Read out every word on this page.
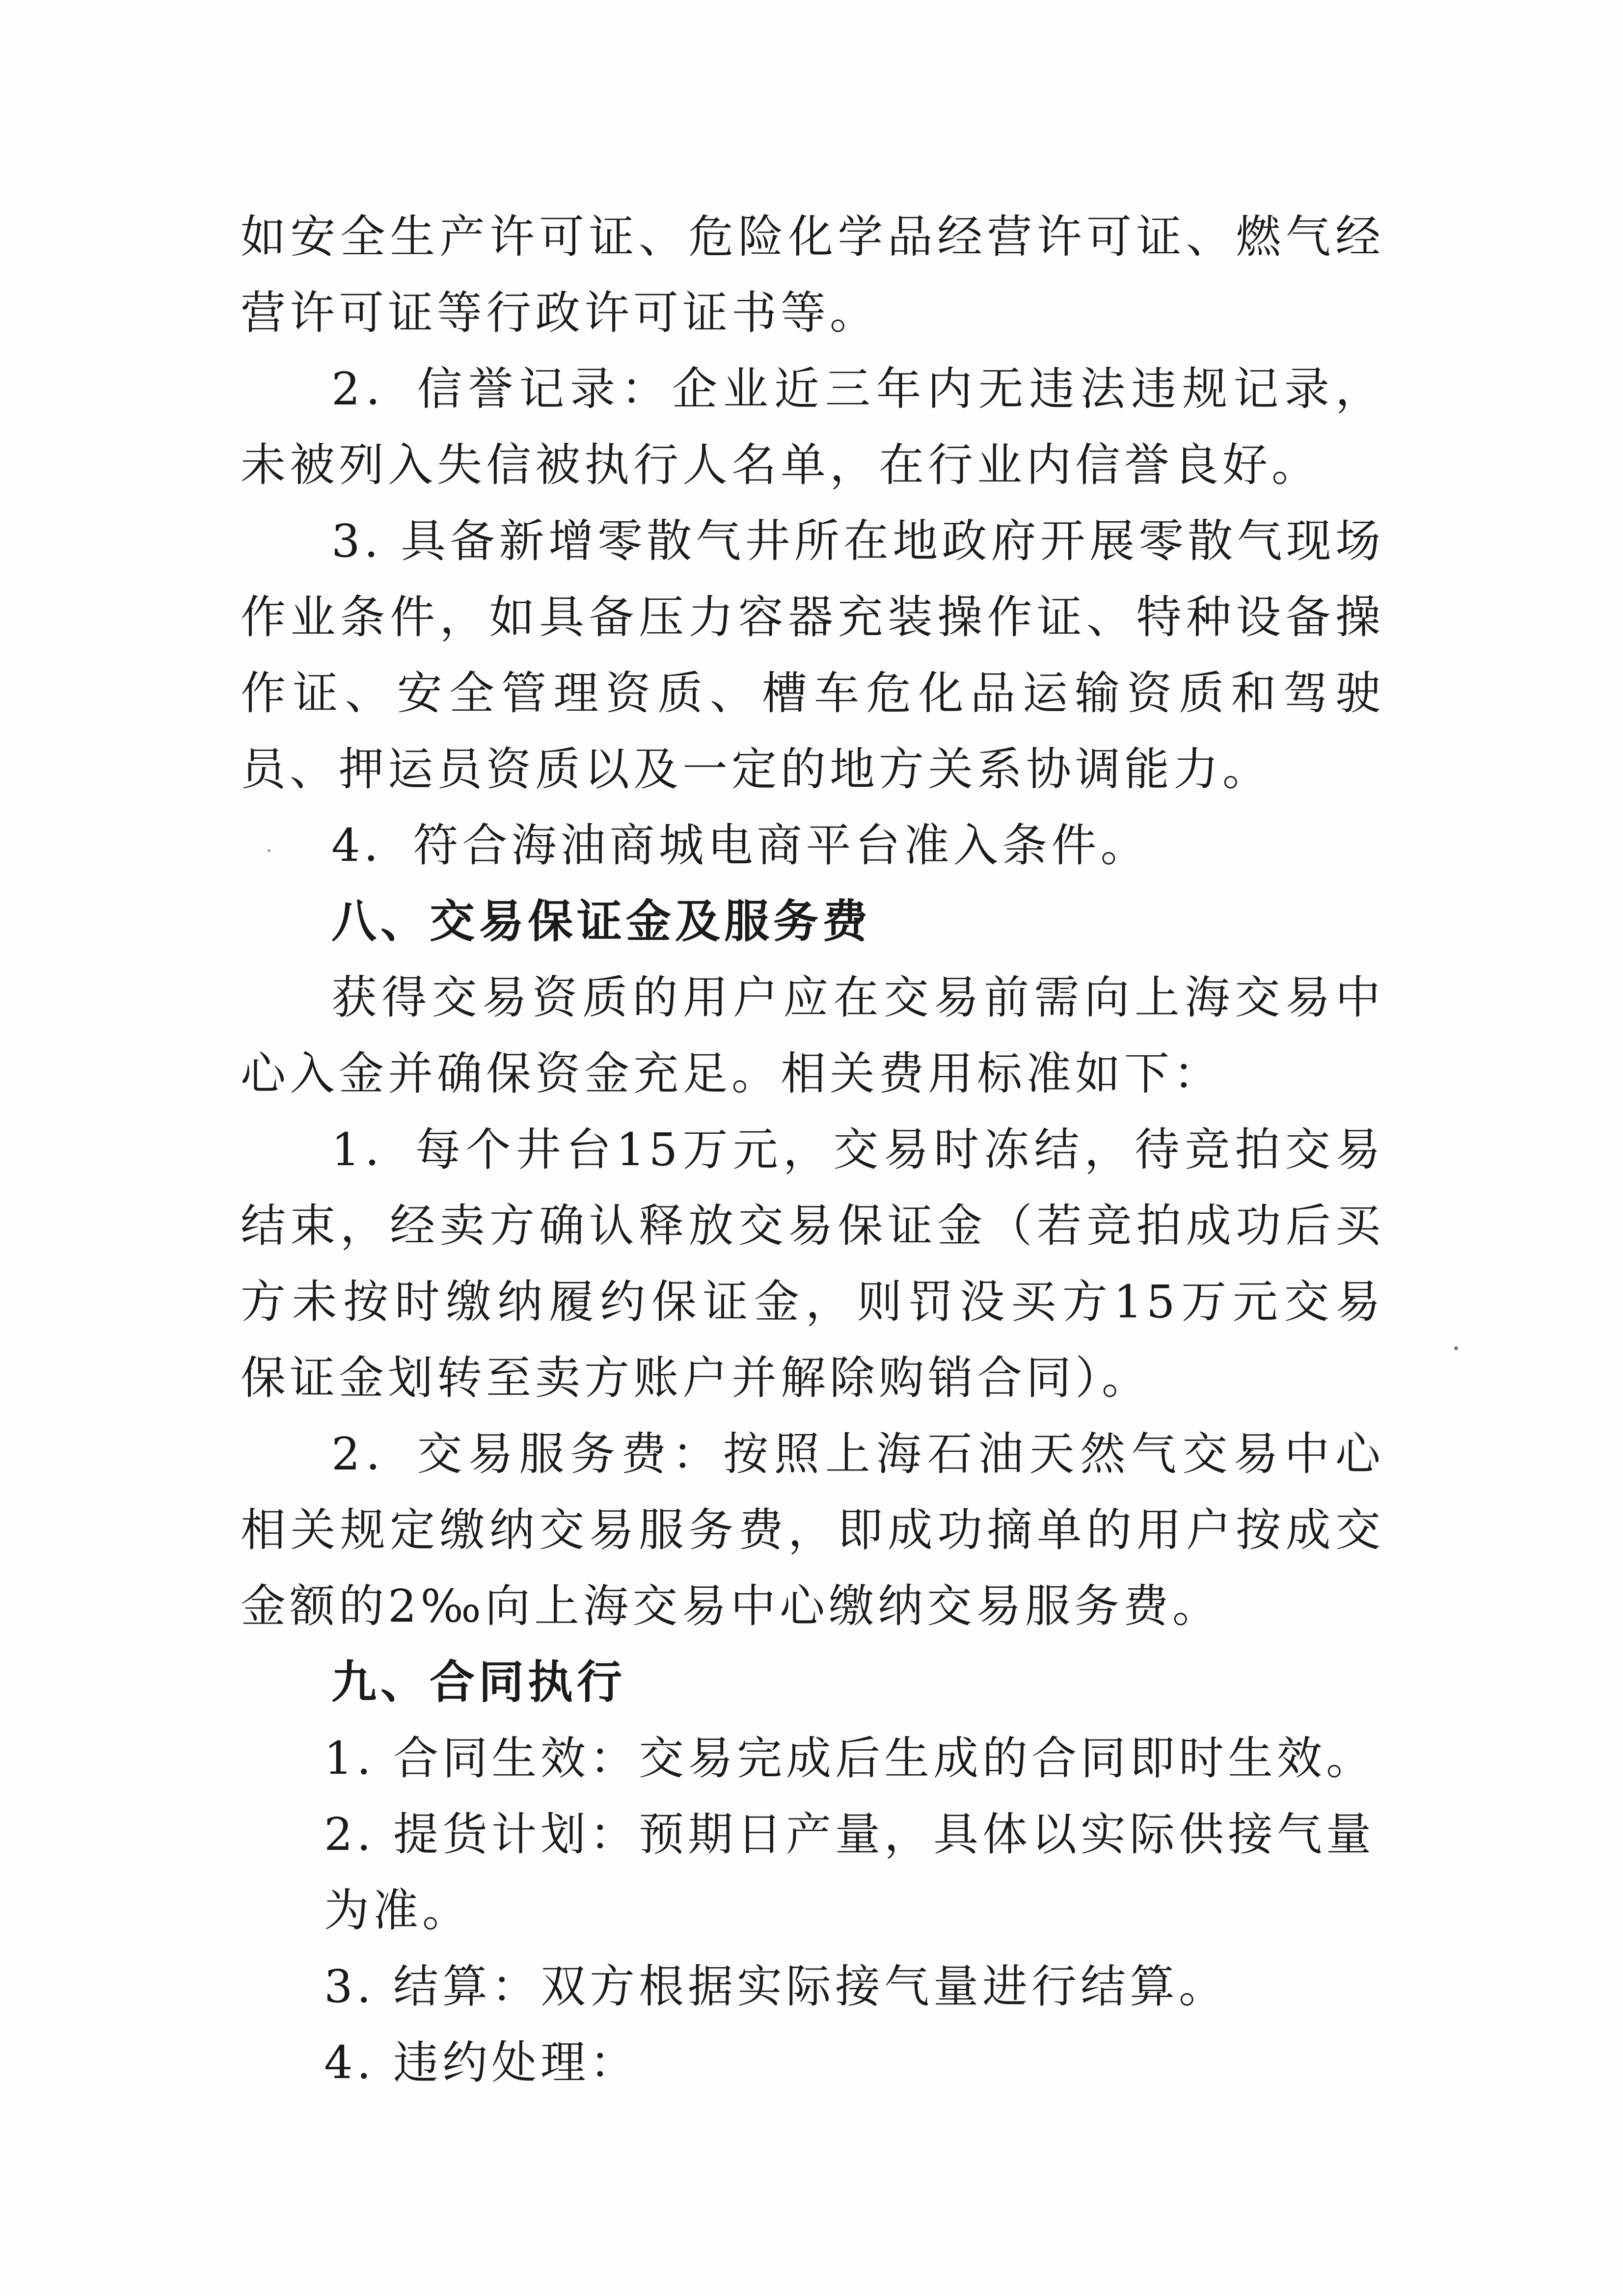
如安全生产许可证、危险化学品经营许可证、燃气经营许可证等行政许可证书等。

2．信誉记录：企业近三年内无违法违规记录，未被列入失信被执行人名单，在行业内信誉良好。

3. 具备新增零散气井所在地政府开展零散气现场作业条件，如具备压力容器充装操作证、特种设备操作证、安全管理资质、槽车危化品运输资质和驾驶员、押运员资质以及一定的地方关系协调能力。

4．符合海油商城电商平台准入条件。

八、交易保证金及服务费

获得交易资质的用户应在交易前需向上海交易中心入金并确保资金充足。相关费用标准如下：

1．每个井台15万元，交易时冻结，待竞拍交易结束，经卖方确认释放交易保证金（若竞拍成功后买方未按时缴纳履约保证金，则罚没买方15万元交易保证金划转至卖方账户并解除购销合同）。

2．交易服务费：按照上海石油天然气交易中心相关规定缴纳交易服务费，即成功摘单的用户按成交金额的2‰向上海交易中心缴纳交易服务费。

九、合同执行

1. 合同生效：交易完成后生成的合同即时生效。

2. 提货计划：预期日产量，具体以实际供接气量为准。

3. 结算：双方根据实际接气量进行结算。

4. 违约处理：
